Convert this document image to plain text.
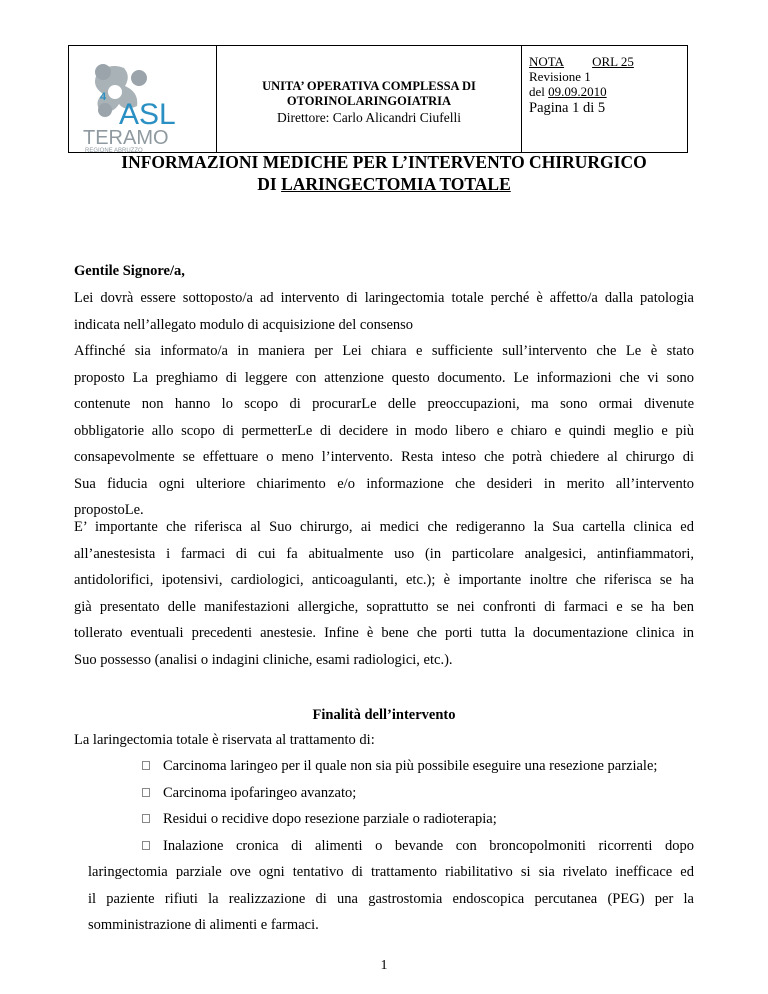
4
ASL
TERAMO
REGIONE ABRUZZO
UNITA’ OPERATIVA COMPLESSA DI
OTORINOLARINGOIATRIA
Direttore: Carlo Alicandri Ciufelli
NOTA ORL 25
Revisione 1
del 09.09.2010
Pagina 1 di 5
INFORMAZIONI MEDICHE PER L’INTERVENTO CHIRURGICO
DI LARINGECTOMIA TOTALE
Gentile Signore/a,
Lei dovrà essere sottoposto/a ad intervento di laringectomia totale perché è affetto/a dalla patologia
indicata nell’allegato modulo di acquisizione del consenso
Affinché sia informato/a in maniera per Lei chiara e sufficiente sull’intervento che Le è stato
proposto La preghiamo di leggere con attenzione questo documento. Le informazioni che vi sono
contenute non hanno lo scopo di procurarLe delle preoccupazioni, ma sono ormai divenute
obbligatorie allo scopo di permetterLe di decidere in modo libero e chiaro e quindi meglio e più
consapevolmente se effettuare o meno l’intervento. Resta inteso che potrà chiedere al chirurgo di
Sua fiducia ogni ulteriore chiarimento e/o informazione che desideri in merito all’intervento
propostoLe.
E’ importante che riferisca al Suo chirurgo, ai medici che redigeranno la Sua cartella clinica ed
all’anestesista i farmaci di cui fa abitualmente uso (in particolare analgesici, antinfiammatori,
antidolorifici, ipotensivi, cardiologici, anticoagulanti, etc.); è importante inoltre che riferisca se ha
già presentato delle manifestazioni allergiche, soprattutto se nei confronti di farmaci e se ha ben
tollerato eventuali precedenti anestesie. Infine è bene che porti tutta la documentazione clinica in
Suo possesso (analisi o indagini cliniche, esami radiologici, etc.).
Finalità dell’intervento
La laringectomia totale è riservata al trattamento di:
Carcinoma laringeo per il quale non sia più possibile eseguire una resezione parziale;
Carcinoma ipofaringeo avanzato;
Residui o recidive dopo resezione parziale o radioterapia;
Inalazione cronica di alimenti o bevande con broncopolmoniti ricorrenti dopo
laringectomia parziale ove ogni tentativo di trattamento riabilitativo si sia rivelato inefficace ed
il paziente rifiuti la realizzazione di una gastrostomia endoscopica percutanea (PEG) per la
somministrazione di alimenti e farmaci.
1
